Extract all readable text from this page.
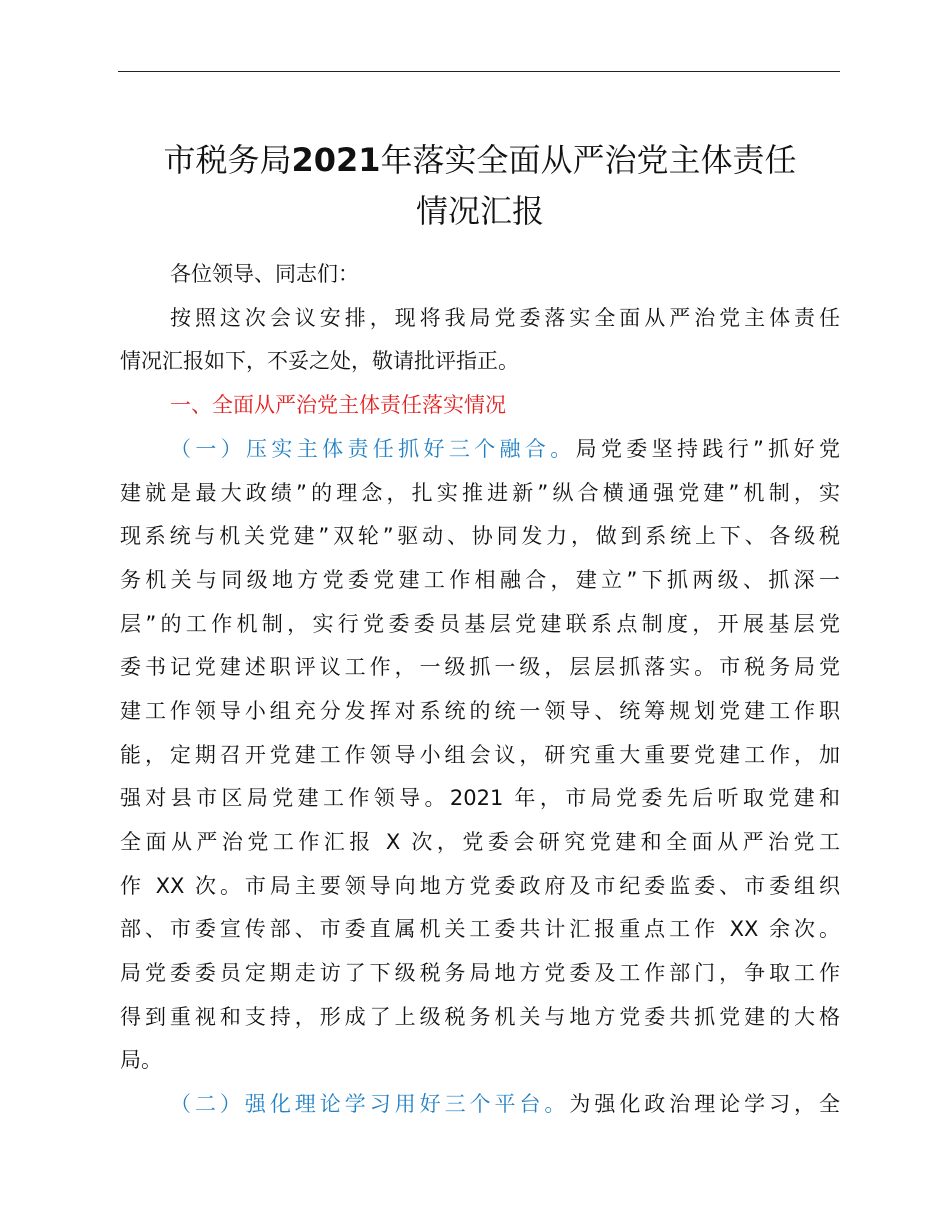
市税务局2021年落实全面从严治党主体责任
情况汇报
各位领导、同志们：
按照这次会议安排，现将我局党委落实全面从严治党主体责任
情况汇报如下，不妥之处，敬请批评指正。
一、全面从严治党主体责任落实情况
（一）压实主体责任抓好三个融合。局党委坚持践行”抓好党
建就是最大政绩”的理念，扎实推进新”纵合横通强党建”机制，实
现系统与机关党建”双轮”驱动、协同发力，做到系统上下、各级税
务机关与同级地方党委党建工作相融合，建立”下抓两级、抓深一
层”的工作机制，实行党委委员基层党建联系点制度，开展基层党
委书记党建述职评议工作，一级抓一级，层层抓落实。市税务局党
建工作领导小组充分发挥对系统的统一领导、统筹规划党建工作职
能，定期召开党建工作领导小组会议，研究重大重要党建工作，加
强对县市区局党建工作领导。2021 年，市局党委先后听取党建和
全面从严治党工作汇报 X 次，党委会研究党建和全面从严治党工
作 XX 次。市局主要领导向地方党委政府及市纪委监委、市委组织
部、市委宣传部、市委直属机关工委共计汇报重点工作 XX 余次。
局党委委员定期走访了下级税务局地方党委及工作部门，争取工作
得到重视和支持，形成了上级税务机关与地方党委共抓党建的大格
局。
（二）强化理论学习用好三个平台。为强化政治理论学习，全
